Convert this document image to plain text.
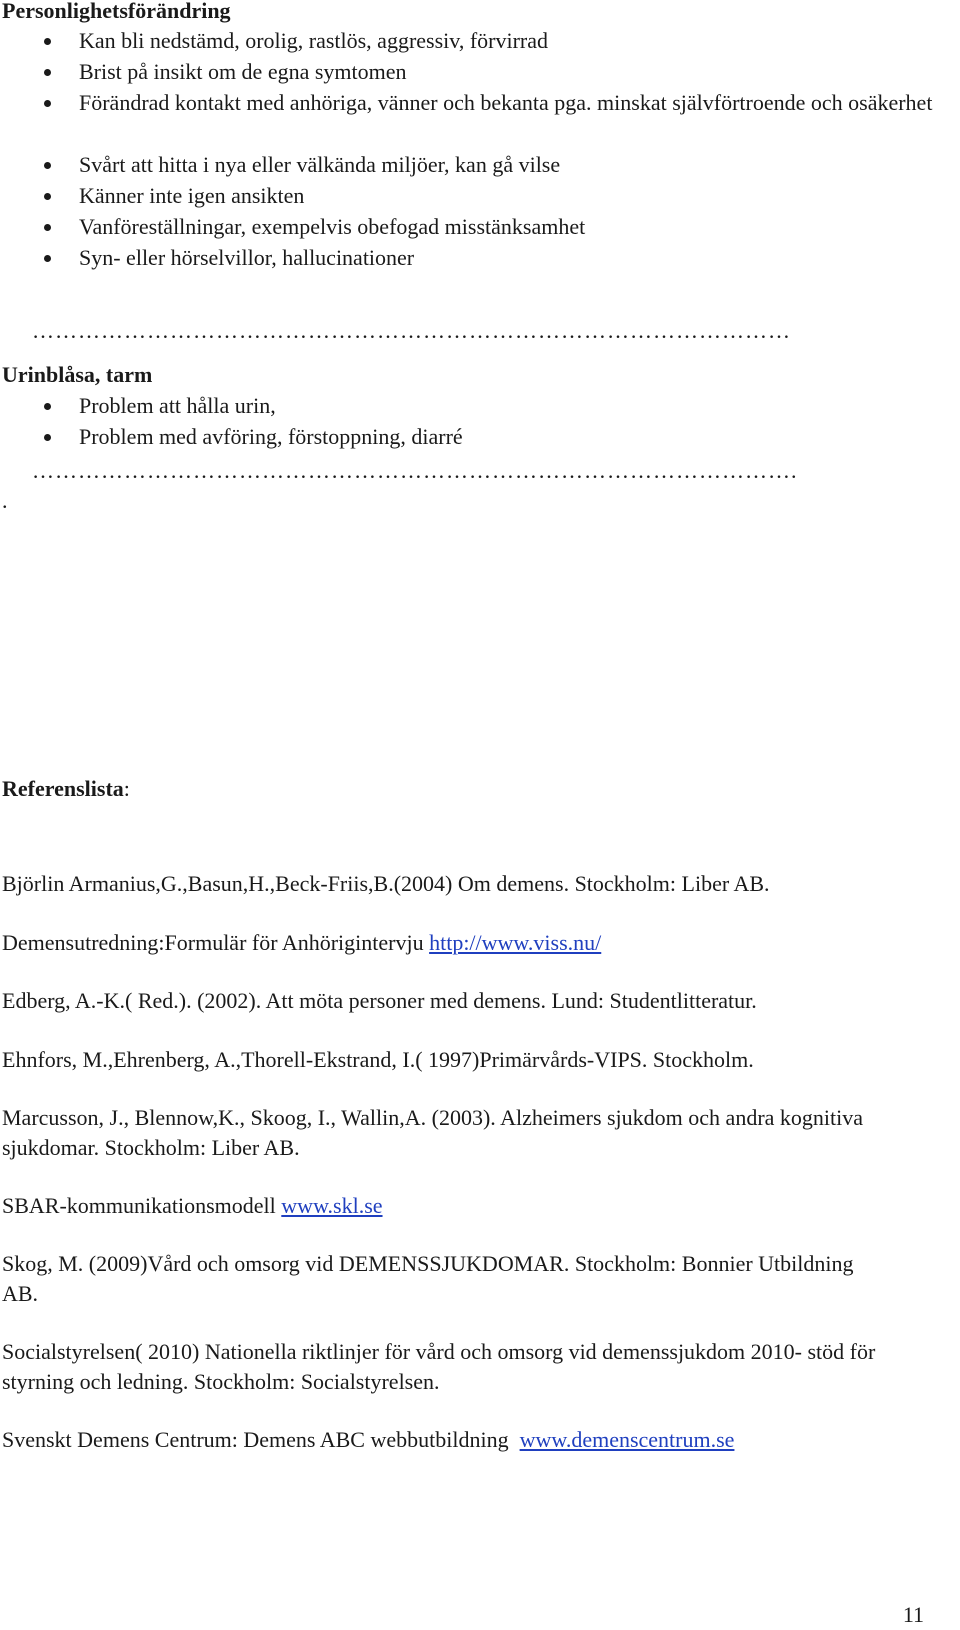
Personlighetsförändring
Kan bli nedstämd, orolig, rastlös, aggressiv, förvirrad
Brist på insikt om de egna symtomen
Förändrad kontakt med anhöriga, vänner och bekanta pga. minskat självförtroende och osäkerhet
Svårt att hitta i nya eller välkända miljöer, kan gå vilse
Känner inte igen ansikten
Vanföreställningar, exempelvis obefogad misstänksamhet
Syn- eller hörselvillor, hallucinationer
………………………………………………………………………………………
Urinblåsa, tarm
Problem att hålla urin,
Problem med avföring, förstoppning, diarré
……………………………………………………………………………………….
.
Referenslista:
Björlin Armanius,G.,Basun,H.,Beck-Friis,B.(2004) Om demens. Stockholm: Liber AB.
Demensutredning:Formulär för Anhörigintervju http://www.viss.nu/
Edberg, A.-K.( Red.). (2002). Att möta personer med demens. Lund: Studentlitteratur.
Ehnfors, M.,Ehrenberg, A.,Thorell-Ekstrand, I.( 1997)Primärvårds-VIPS. Stockholm.
Marcusson, J., Blennow,K., Skoog, I., Wallin,A. (2003). Alzheimers sjukdom och andra kognitiva sjukdomar. Stockholm: Liber AB.
SBAR-kommunikationsmodell www.skl.se
Skog, M. (2009)Vård och omsorg vid DEMENSSJUKDOMAR. Stockholm: Bonnier Utbildning AB.
Socialstyrelsen( 2010) Nationella riktlinjer för vård och omsorg vid demenssjukdom 2010- stöd för styrning och ledning. Stockholm: Socialstyrelsen.
Svenskt Demens Centrum: Demens ABC webbutbildning  www.demenscentrum.se
11
